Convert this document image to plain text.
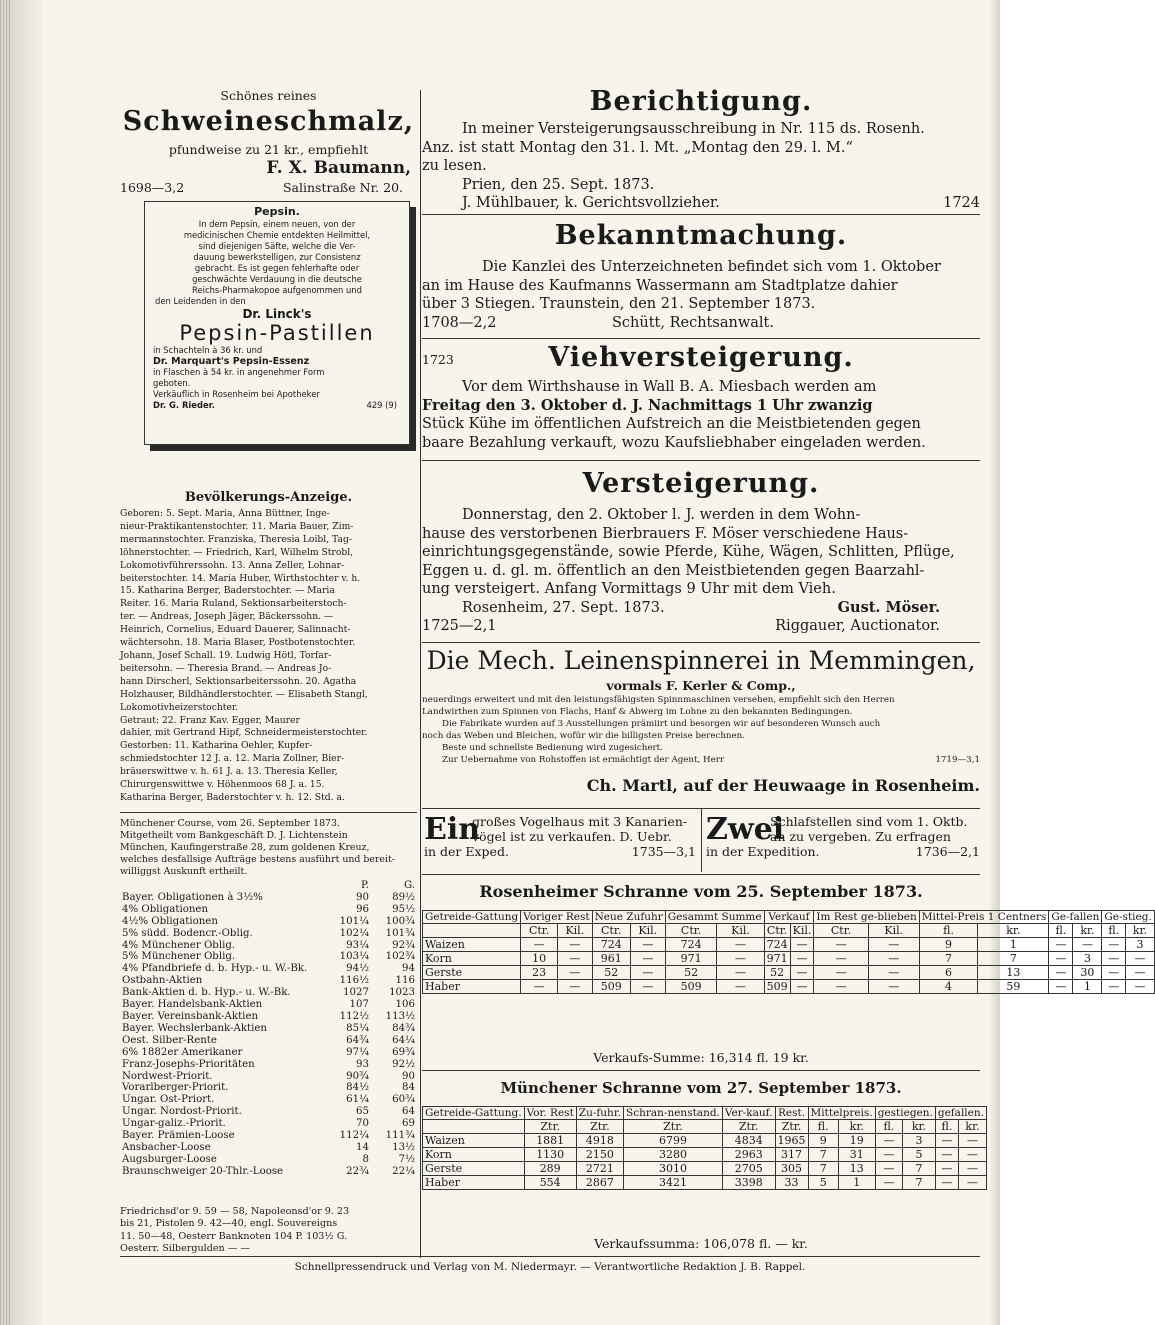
Schönes reines
Schweineschmalz,
pfundweise zu 21 kr., empfiehlt
F. X. Baumann,
1698—3,2	Salinstraße Nr. 20.
Pepsin.
In dem Pepsin, einem neuen, von der
medicinischen Chemie entdekten Heilmittel,
sind diejenigen Säfte, welche die Ver-
dauung bewerkstelligen, zur Consistenz
gebracht. Es ist gegen fehlerhafte oder
geschwächte Verdauung in die deutsche
Reichs-Pharmakopoe aufgenommen und
den Leidenden in den
Dr. Linck's
Pepsin-Pastillen
in Schachteln à 36 kr. und
Dr. Marquart's Pepsin-Essenz
in Flaschen à 54 kr. in angenehmer Form
geboten.
Verkäuflich in Rosenheim bei Apotheker
Dr. G. Rieder.	429 (9)
Bevölkerungs-Anzeige.
Geboren: 5. Sept. Maria, Anna Büttner, Inge-
nieur-Praktikantenstochter. 11. Maria Bauer, Zim-
mermannstochter. Franziska, Theresia Loibl, Tag-
löhnerstochter. — Friedrich, Karl, Wilhelm Strobl,
Lokomotivführerssohn. 13. Anna Zeller, Lohnar-
beiterstochter. 14. Maria Huber, Wirthstochter v. h.
15. Katharina Berger, Baderstochter. — Maria
Reiter. 16. Maria Ruland, Sektionsarbeiterstoch-
ter. — Andreas, Joseph Jäger, Bäckerssohn. —
Heinrich, Cornelius, Eduard Dauerer, Salinnacht-
wächtersohn. 18. Maria Blaser, Postbotenstochter.
Johann, Josef Schall. 19. Ludwig Hötl, Torfar-
beitersohn. — Theresia Brand. — Andreas Jo-
hann Dirscherl, Sektionsarbeiterssohn. 20. Agatha
Holzhauser, Bildhändlerstochter. — Elisabeth Stangl,
Lokomotivheizerstochter.
Getraut: 22. Franz Kav. Egger, Maurer
dahier, mit Gertrand Hipf, Schneidermeisterstochter.
Gestorben: 11. Katharina Oehler, Kupfer-
schmiedstochter 12 J. a. 12. Maria Zollner, Bier-
bräuerswittwe v. h. 61 J. a. 13. Theresia Keller,
Chirurgenswittwe v. Höhenmoos 68 J. a. 15.
Katharina Berger, Baderstochter v. h. 12. Std. a.
Münchener Course, vom 26. September 1873.
Mitgetheilt vom Bankgeschäft D. J. Lichtenstein
München, Kaufingerstraße 28, zum goldenen Kreuz,
welches desfallsige Aufträge bestens ausführt und bereit-
williggst Auskunft ertheilt.
	P.	G.
Bayer. Obligationen à 3½%	90	89½
4% Obligationen	96	95½
4½% Obligationen	101¼	100¾
5% südd. Bodencr.-Oblig.	102¼	101¾
4% Münchener Oblig.	93¼	92¾
5% Münchener Oblig.	103¼	102¾
4% Pfandbriefe d. b. Hyp.- u. W.-Bk.	94½	94
Ostbahn-Aktien	116½	116
Bank-Aktien d. b. Hyp.- u. W.-Bk.	1027	1023
Bayer. Handelsbank-Aktien	107	106
Bayer. Vereinsbank-Aktien	112½	113½
Bayer. Wechslerbank-Aktien	85¼	84¾
Oest. Silber-Rente	64¾	64¼
6% 1882er Amerikaner	97¼	69¾
Franz-Josephs-Prioritäten	93	92½
Nordwest-Priorit.	90¾	90
Vorarlberger-Priorit.	84½	84
Ungar. Ost-Priort.	61¼	60¾
Ungar. Nordost-Priorit.	65	64
Ungar-galiz.-Priorit.	70	69
Bayer. Prämien-Loose	112¼	111¾
Ansbacher-Loose	14	13½
Augsburger-Loose	8	7½
Braunschweiger 20-Thlr.-Loose	22¾	22¼
Friedrichsd'or 9. 59 — 58, Napoleonsd'or 9. 23
bis 21, Pistolen 9. 42—40, engl. Souvereigns
11. 50—48, Oesterr Banknoten 104 P. 103½ G.
Oesterr. Silbergulden — —
Berichtigung.
In meiner Versteigerungsausschreibung in Nr. 115 ds. Rosenh.
Anz. ist statt Montag den 31. l. Mt. „Montag den 29. l. M.“
zu lesen.
Prien, den 25. Sept. 1873.
J. Mühlbauer, k. Gerichtsvollzieher.	1724
Bekanntmachung.
Die Kanzlei des Unterzeichneten befindet sich vom 1. Oktober
an im Hause des Kaufmanns Wassermann am Stadtplatze dahier
über 3 Stiegen. Traunstein, den 21. September 1873.
1708—2,2	Schütt, Rechtsanwalt.
1723	Viehversteigerung.
Vor dem Wirthshause in Wall B. A. Miesbach werden am
Freitag den 3. Oktober d. J. Nachmittags 1 Uhr zwanzig
Stück Kühe im öffentlichen Aufstreich an die Meistbietenden gegen
baare Bezahlung verkauft, wozu Kaufsliebhaber eingeladen werden.
Versteigerung.
Donnerstag, den 2. Oktober l. J. werden in dem Wohn-
hause des verstorbenen Bierbrauers F. Möser verschiedene Haus-
einrichtungsgegenstände, sowie Pferde, Kühe, Wägen, Schlitten, Pflüge,
Eggen u. d. gl. m. öffentlich an den Meistbietenden gegen Baarzahl-
ung versteigert. Anfang Vormittags 9 Uhr mit dem Vieh.
Rosenheim, 27. Sept. 1873.	Gust. Möser.
1725—2,1	Riggauer, Auctionator.
Die Mech. Leinenspinnerei in Memmingen,
vormals F. Kerler & Comp.,
neuerdings erweitert und mit den leistungsfähigsten Spinnmaschinen versehen, empfiehlt sich den Herren
Landwirthen zum Spinnen von Flachs, Hanf & Abwerg im Lohne zu den bekannten Bedingungen.
Die Fabrikate wurden auf 3 Ausstellungen prämiirt und besorgen wir auf besonderen Wunsch auch
noch das Weben und Bleichen, wofür wir die billigsten Preise berechnen.
Beste und schnellste Bedienung wird zugesichert.
Zur Uebernahme von Rohstoffen ist ermächtigt der Agent, Herr	1719—3,1
Ch. Martl, auf der Heuwaage in Rosenheim.
Ein
großes Vogelhaus mit 3 Kanarien-
vögel ist zu verkaufen. D. Uebr.
in der Exped.	1735—3,1
Zwei
Schlafstellen sind vom 1. Oktb.
an zu vergeben. Zu erfragen
in der Expedition.	1736—2,1
Rosenheimer Schranne vom 25. September 1873.
Getreide-Gattung	Voriger Rest		Neue Zufuhr		Gesammt Summe		Verkauf		Im Rest ge-blieben		Mittel-Preis 1 Centners		Ge-fallen		Ge-stieg.	
	Ctr.	Kil.	Ctr.	Kil.	Ctr.	Kil.	Ctr.	Kil.	Ctr.	Kil.	fl.	kr.	fl.	kr.	fl.	kr.
Waizen	—	—	724	—	724	—	724	—	—	—	9	1	—	—	—	3
Korn	10	—	961	—	971	—	971	—	—	—	7	7	—	3	—	—
Gerste	23	—	52	—	52	—	52	—	—	—	6	13	—	30	—	—
Haber	—	—	509	—	509	—	509	—	—	—	4	59	—	1	—	—
Verkaufs-Summe: 16,314 fl. 19 kr.
Münchener Schranne vom 27. September 1873.
Getreide-Gattung.	Vor. Rest	Zu-fuhr.	Schran-nenstand.	Ver-kauf.	Rest.	Mittelpreis.		gestiegen.		gefallen.	
	Ztr.	Ztr.	Ztr.	Ztr.	Ztr.	fl.	kr.	fl.	kr.	fl.	kr.
Waizen	1881	4918	6799	4834	1965	9	19	—	3	—	—
Korn	1130	2150	3280	2963	317	7	31	—	5	—	—
Gerste	289	2721	3010	2705	305	7	13	—	7	—	—
Haber	554	2867	3421	3398	33	5	1	—	7	—	—
Verkaufssumma: 106,078 fl. — kr.
Schnellpressendruck und Verlag von M. Niedermayr. — Verantwortliche Redaktion J. B. Rappel.
